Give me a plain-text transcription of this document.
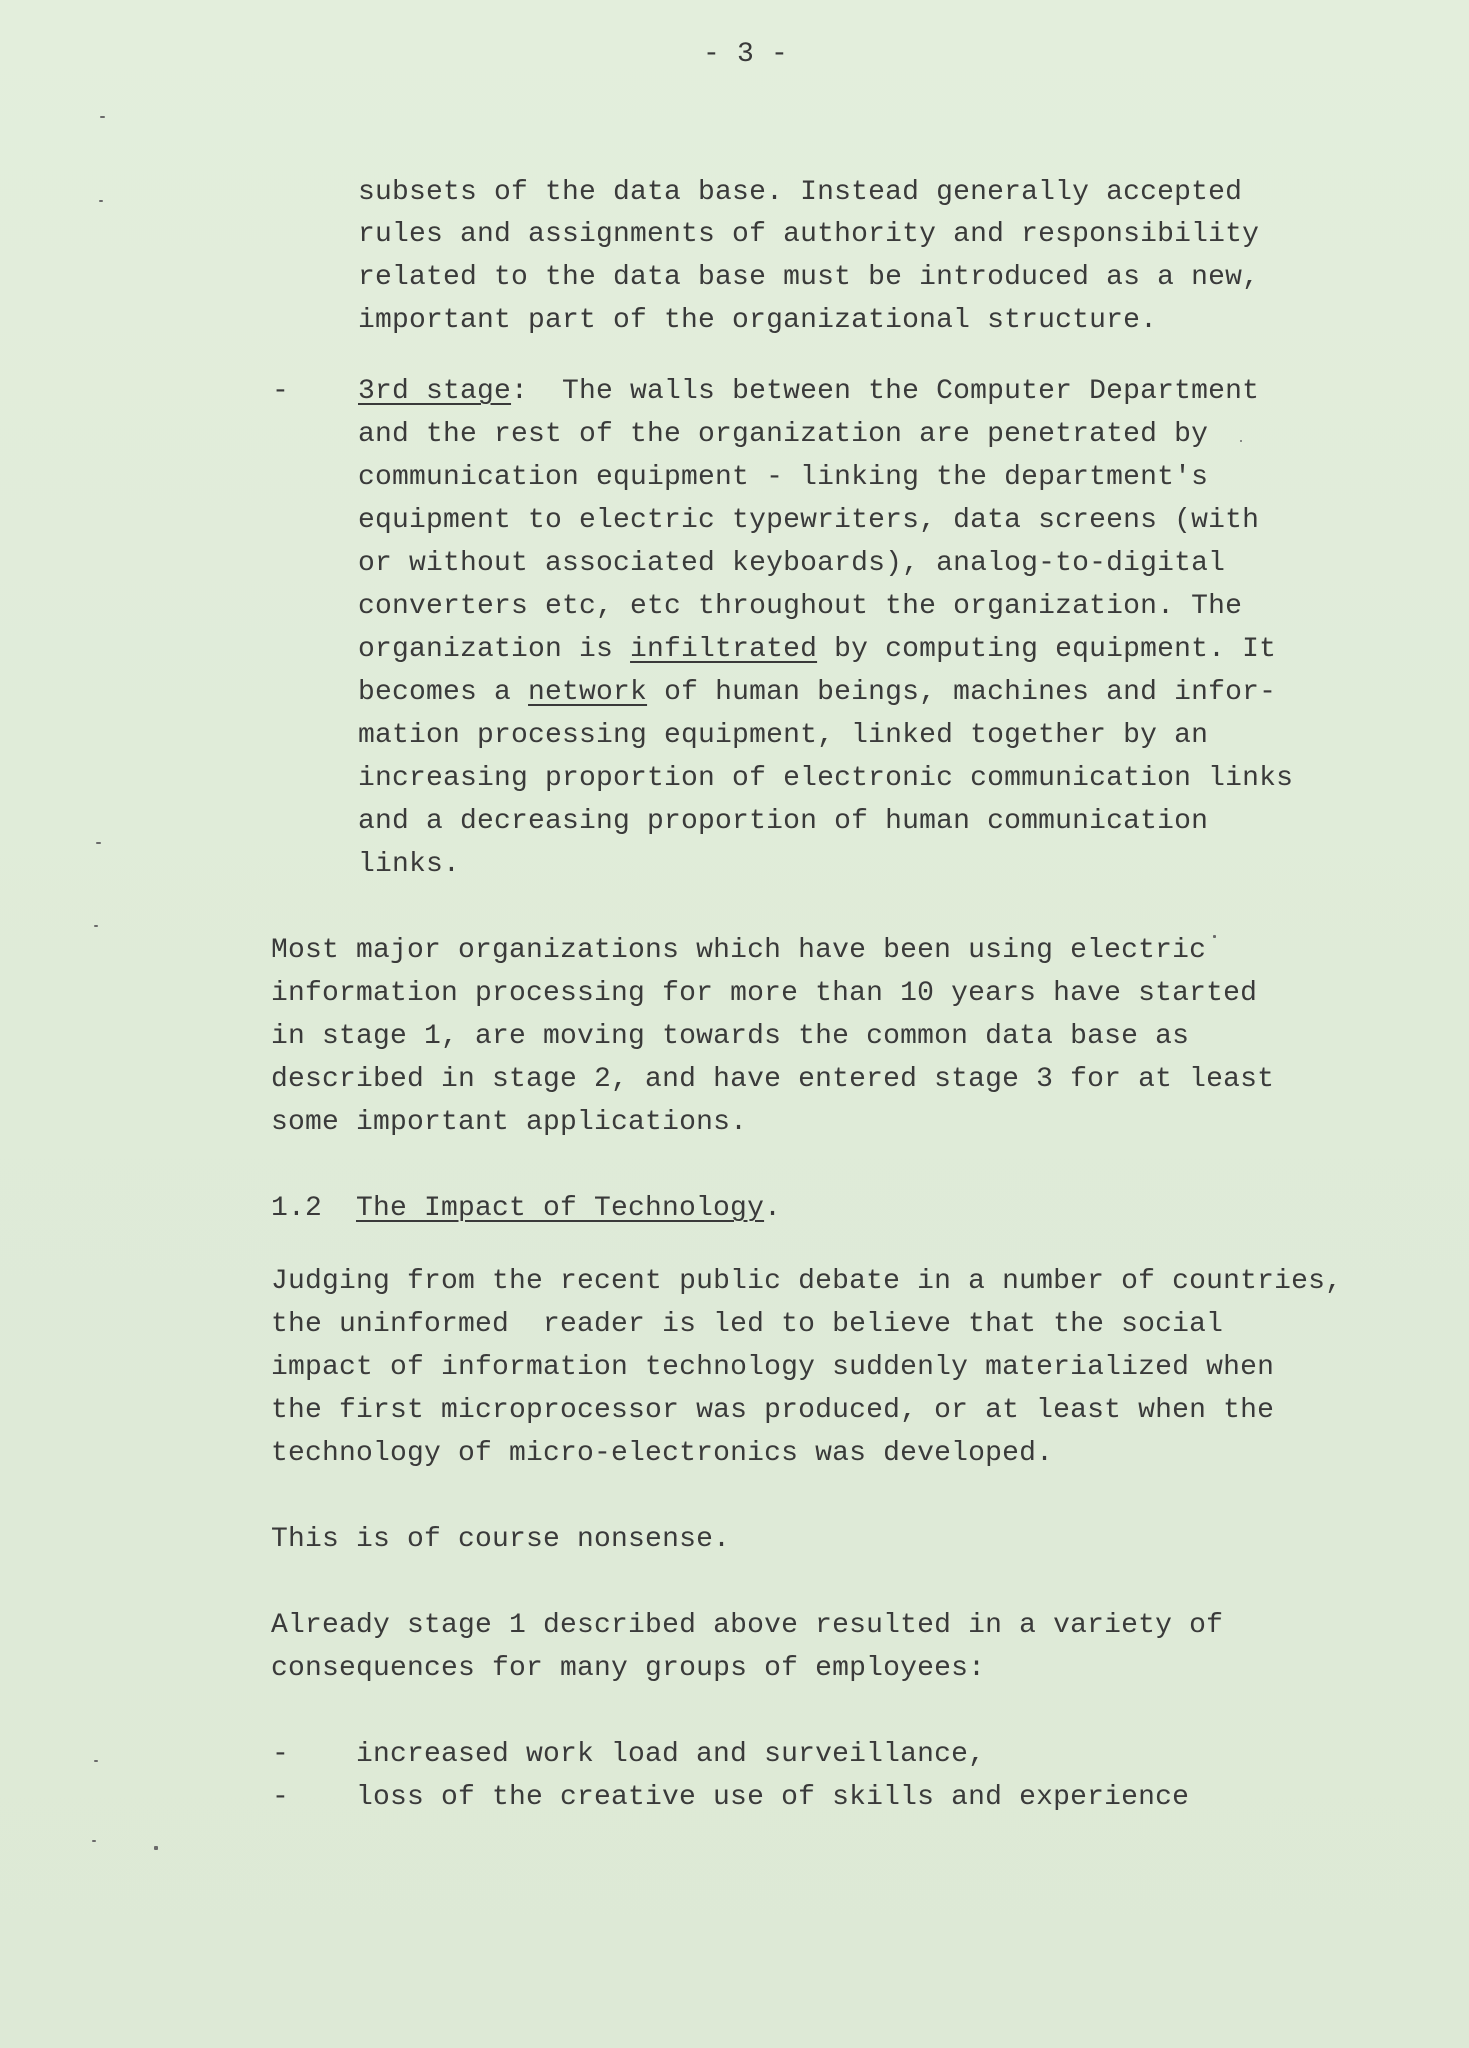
- 3 -
subsets of the data base. Instead generally accepted
rules and assignments of authority and responsibility
related to the data base must be introduced as a new,
important part of the organizational structure.
- 3rd stage:  The walls between the Computer Department
and the rest of the organization are penetrated by
communication equipment - linking the department's
equipment to electric typewriters, data screens (with
or without associated keyboards), analog-to-digital
converters etc, etc throughout the organization. The
organization is infiltrated by computing equipment. It
becomes a network of human beings, machines and infor-
mation processing equipment, linked together by an
increasing proportion of electronic communication links
and a decreasing proportion of human communication
links.
Most major organizations which have been using electric
information processing for more than 10 years have started
in stage 1, are moving towards the common data base as
described in stage 2, and have entered stage 3 for at least
some important applications.
1.2 The Impact of Technology.
Judging from the recent public debate in a number of countries,
the uninformed  reader is led to believe that the social
impact of information technology suddenly materialized when
the first microprocessor was produced, or at least when the
technology of micro-electronics was developed.
This is of course nonsense.
Already stage 1 described above resulted in a variety of
consequences for many groups of employees:
- increased work load and surveillance,
- loss of the creative use of skills and experience
